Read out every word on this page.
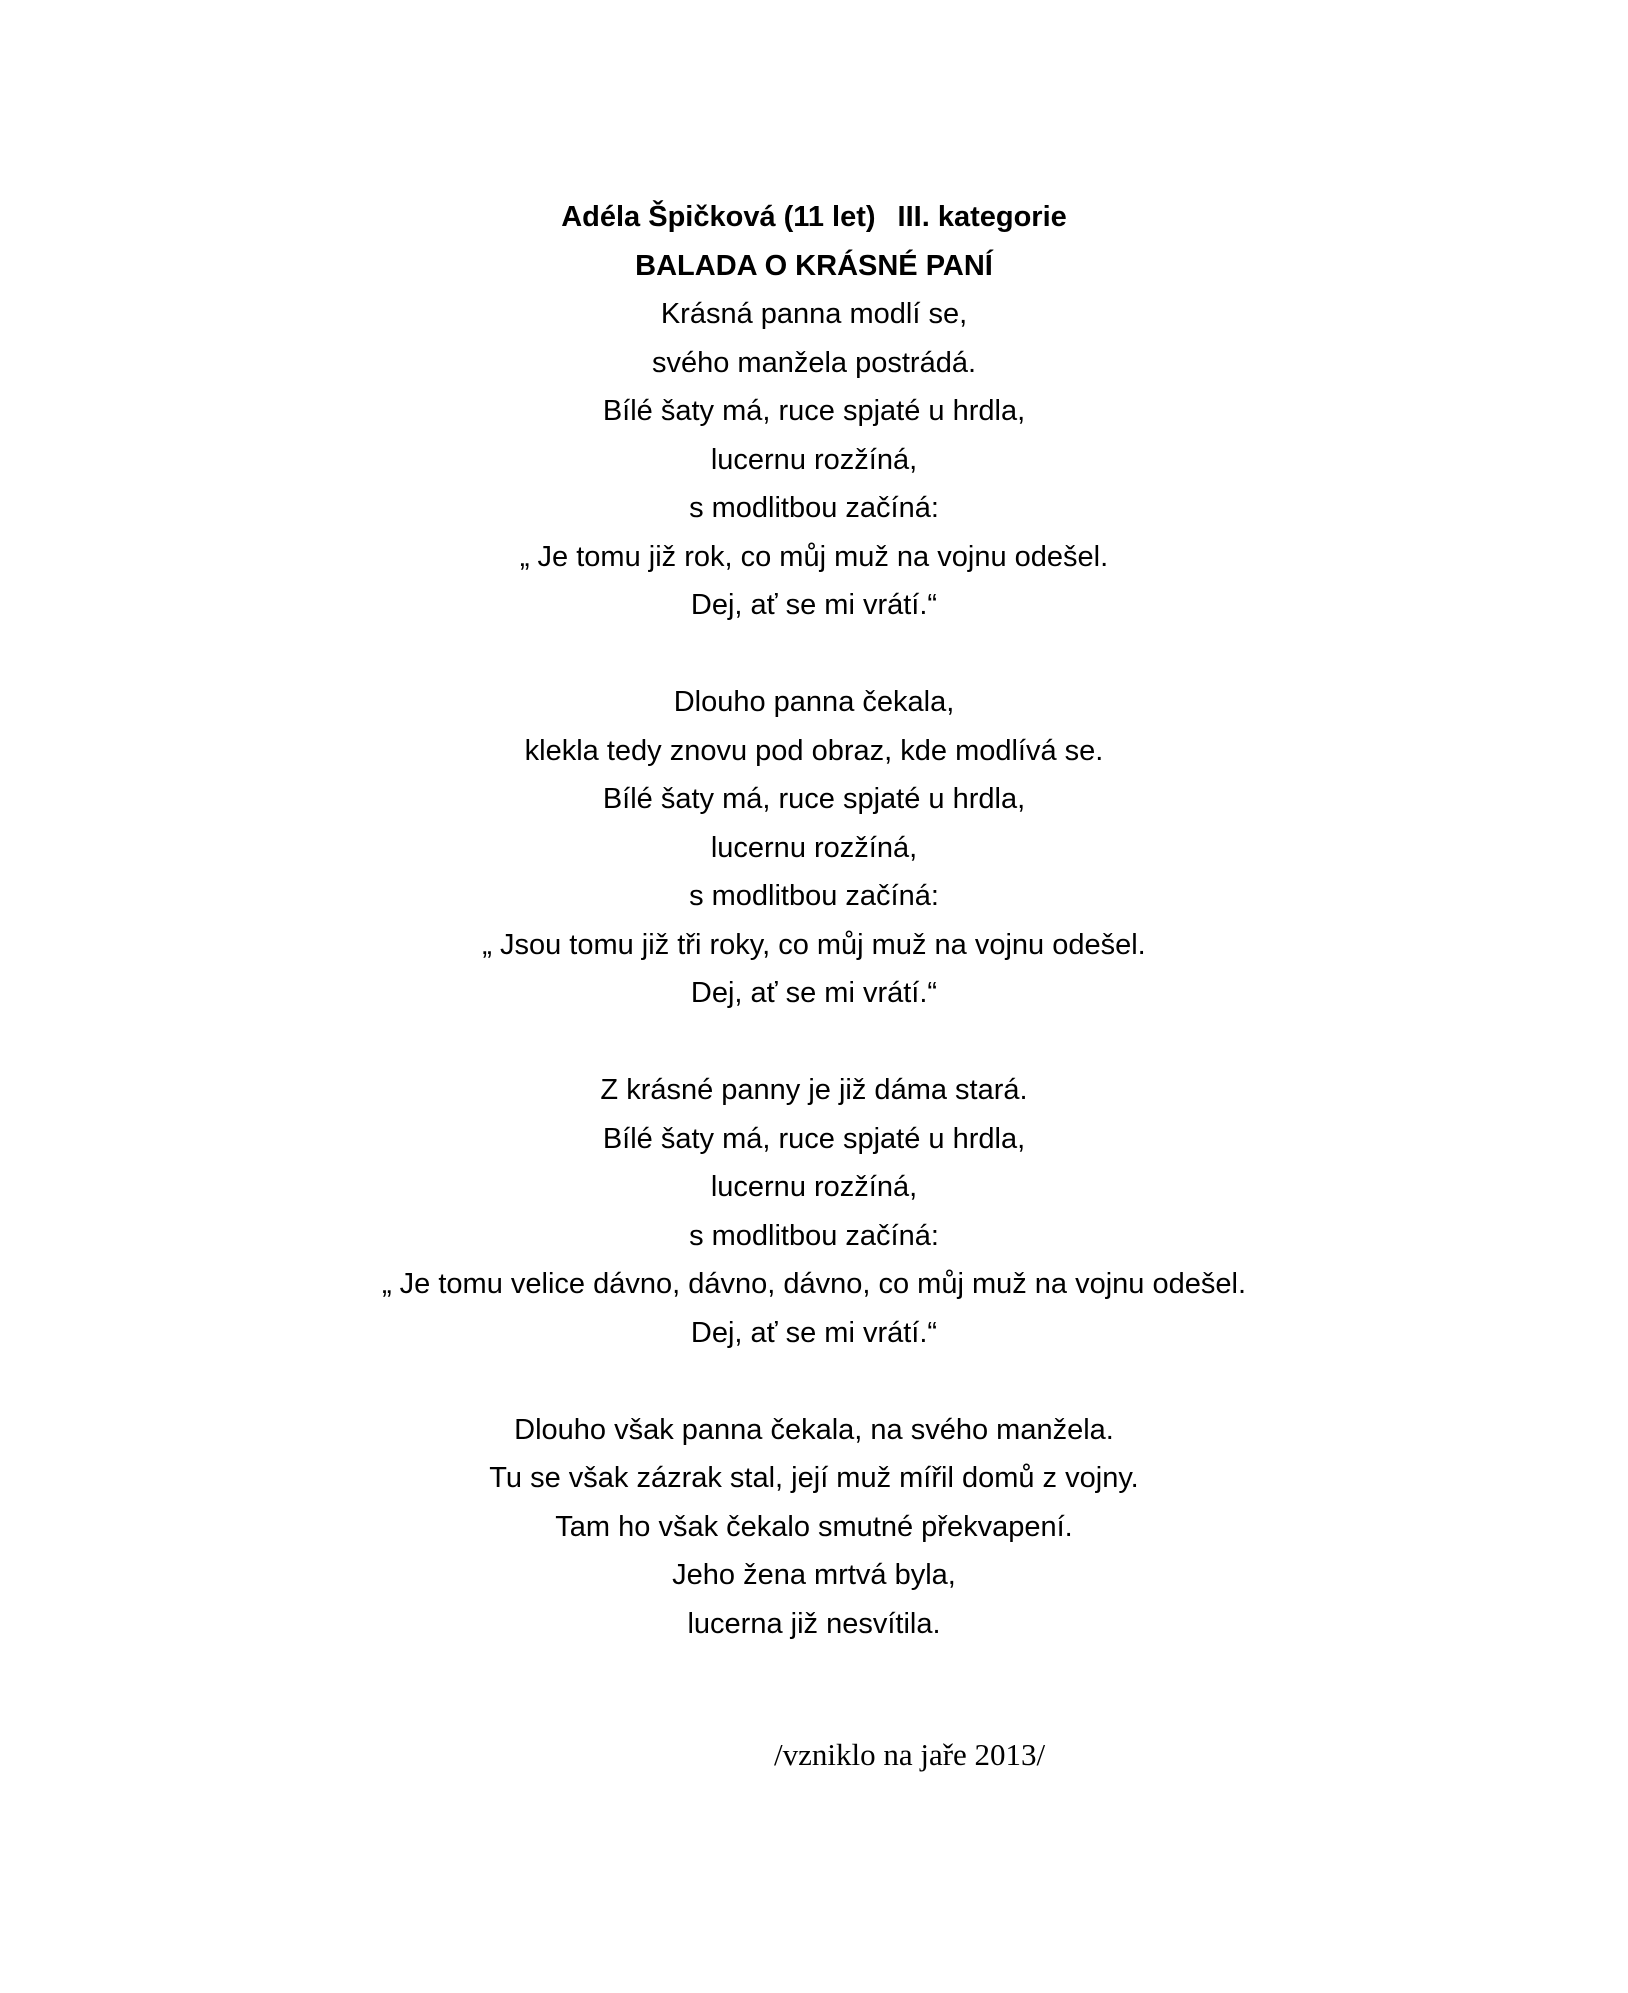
Adéla Špičková (11 let) III. kategorie
BALADA O KRÁSNÉ PANÍ
Krásná panna modlí se,
svého manžela postrádá.
Bílé šaty má, ruce spjaté u hrdla,
lucernu rozžíná,
s modlitbou začíná:
„ Je tomu již rok, co můj muž na vojnu odešel.
Dej, ať se mi vrátí.“
Dlouho panna čekala,
klekla tedy znovu pod obraz, kde modlívá se.
Bílé šaty má, ruce spjaté u hrdla,
lucernu rozžíná,
s modlitbou začíná:
„ Jsou tomu již tři roky, co můj muž na vojnu odešel.
Dej, ať se mi vrátí.“
Z krásné panny je již dáma stará.
Bílé šaty má, ruce spjaté u hrdla,
lucernu rozžíná,
s modlitbou začíná:
„ Je tomu velice dávno, dávno, dávno, co můj muž na vojnu odešel.
Dej, ať se mi vrátí.“
Dlouho však panna čekala, na svého manžela.
Tu se však zázrak stal, její muž mířil domů z vojny.
Tam ho však čekalo smutné překvapení.
Jeho žena mrtvá byla,
lucerna již nesvítila.
/vzniklo na jaře 2013/
